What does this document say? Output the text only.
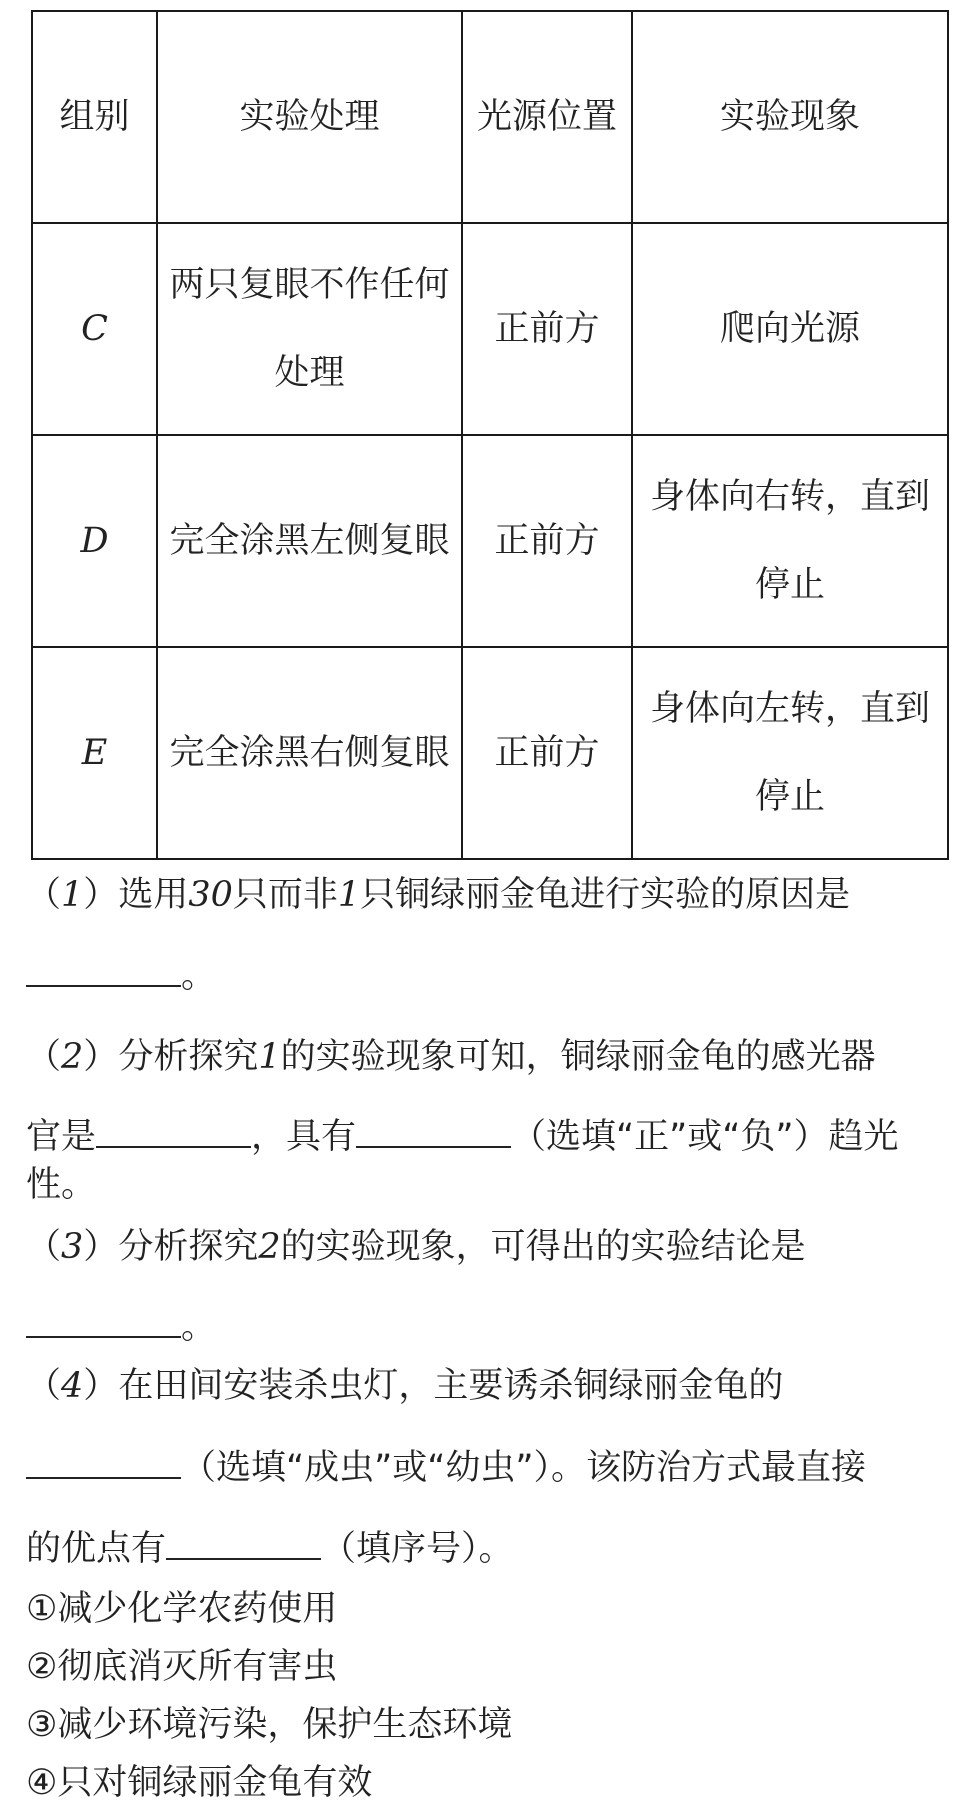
组别	实验处理	光源位置	实验现象
C	两只复眼不作任何处理	正前方	爬向光源
D	完全涂黑左侧复眼	正前方	身体向右转，直到停止
E	完全涂黑右侧复眼	正前方	身体向左转，直到停止
（1）选用30只而非1只铜绿丽金龟进行实验的原因是
。
（2）分析探究1的实验现象可知，铜绿丽金龟的感光器
官是	，具有	（选填“正”或“负”）趋光
性。
（3）分析探究2的实验现象，可得出的实验结论是
。
（4）在田间安装杀虫灯，主要诱杀铜绿丽金龟的
（选填“成虫”或“幼虫”）。该防治方式最直接
的优点有	（填序号）。
①减少化学农药使用
②彻底消灭所有害虫
③减少环境污染，保护生态环境
④只对铜绿丽金龟有效
